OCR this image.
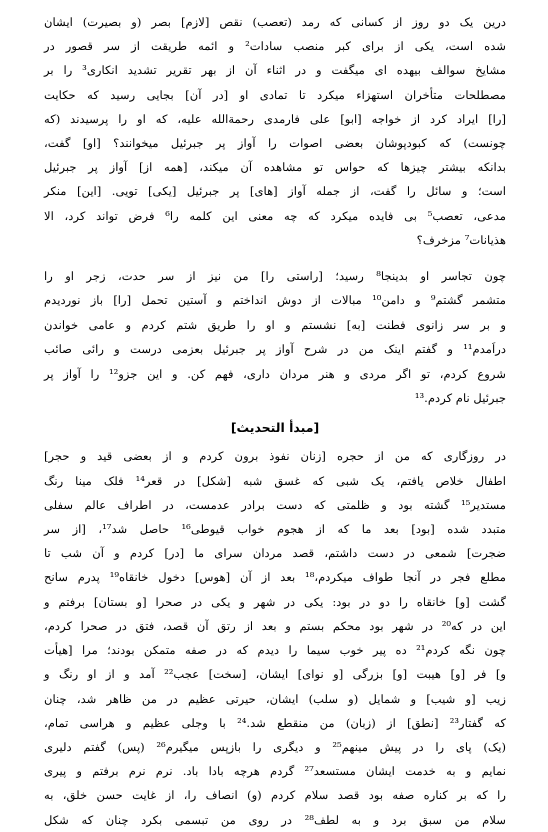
درین یک دو روز از کسانی که رمد (تعصب) نقص [لازم] بصر (و بصیرت) ایشان
شده است، یکی از برای کبر منصب سادات² و ائمه طریقت از سر قصور در
مشایخ سوالف بیهده ای میگفت و در اثناء آن از بهر تقریر تشدید انکاری³ را بر
مصطلحات متأخران استهزاء میکرد تا تمادی او [در آن] بجایی رسید که حکایت
[را] ایراد کرد از خواجه [ابو] علی فارمدی رحمةالله علیه، که او را پرسیدند (که
چونست) که کبودپوشان بعضی اصوات را آواز پر جبرئیل میخوانند؟ [او] گفت،
بدانکه بیشتر چیزها که حواس تو مشاهده آن میکند، [همه از] آواز پر جبرئیل
است؛ و سائل را گفت، از جمله آواز [های] پر جبرئیل [یکی] تویی. [این] منکر
مدعی، تعصب⁵ بی فایده میکرد که چه معنی این کلمه را⁶ فرض تواند کرد، الا
هذیانات⁷ مزخرف؟

چون تجاسر او بدینجا⁸ رسید؛ [راستی را] من نیز از سر حدت، زجر او را
متشمر گشتم⁹ و دامن¹⁰ مبالات از دوش انداختم و آستین تحمل [را] باز نوردیدم
و بر سر زانوی فطنت [به] نشستم و او را طریق شتم کردم و عامی خواندن
دراَمدم¹¹ و گفتم اینک من در شرح آواز پر جبرئیل بعزمی درست و رائی صائب
شروع کردم، تو اگر مردی و هنر مردان داری، فهم کن. و این جزو¹² را آواز پر
جبرئیل نام کردم.¹³

[مبدأ التحدیث]

در روزگاری که من از حجره [زنان نفوذ برون کردم و از بعضی قید و حجر]
اطفال خلاص یافتم، یک شبی که غسق شبه [شکل] در قعر¹⁴ فلک مینا رنگ
مستدیر¹⁵ گشته بود و ظلمتی که دست برادر عدمست، در اطراف عالم سفلی
متبدد شده [بود] بعد ما که از هجوم خواب قیوطی¹⁶ حاصل شد¹⁷، [از سر
ضجرت] شمعی در دست داشتم، قصد مردان سرای ما [در] کردم و آن شب تا
مطلع فجر در آنجا طواف میکردم،¹⁸ بعد از آن [هوس] دخول خانقاه¹⁹ پدرم سانح
گشت [و] خانقاه را دو در بود: یکی در شهر و یکی در صحرا [و بستان] برفتم و
این در که²⁰ در شهر بود محکم بستم و بعد از رتق آن قصد، فتق در صحرا کردم،
چون نگه کردم²¹ ده پیر خوب سیما را دیدم که در صفه متمکن بودند؛ مرا [هیأت
و] فر [و] هیبت [و] بزرگی [و نوای] ایشان، [سخت] عجب²² آمد و از او رنگ و
زیب [و شیب] و شمایل (و سلب) ایشان، حیرتی عظیم در من ظاهر شد، چنان
که گفتار²³ [نطق] از (زبان) من منقطع شد.²⁴ با وجلی عظیم و هراسی تمام،
(یک) پای را در پیش مینهم²⁵ و دیگری را بازپس میگیرم²⁶ (پس) گفتم دلیری
نمایم و به خدمت ایشان مستسعد²⁷ گردم هرچه بادا باد. نرم نرم برفتم و پیری
را که بر کناره صفه بود قصد سلام کردم (و) انصاف را، از غایت حسن خلق، به
سلام من سبق برد و به لطف²⁸ در روی من تبسمی بکرد چنان که شکل
